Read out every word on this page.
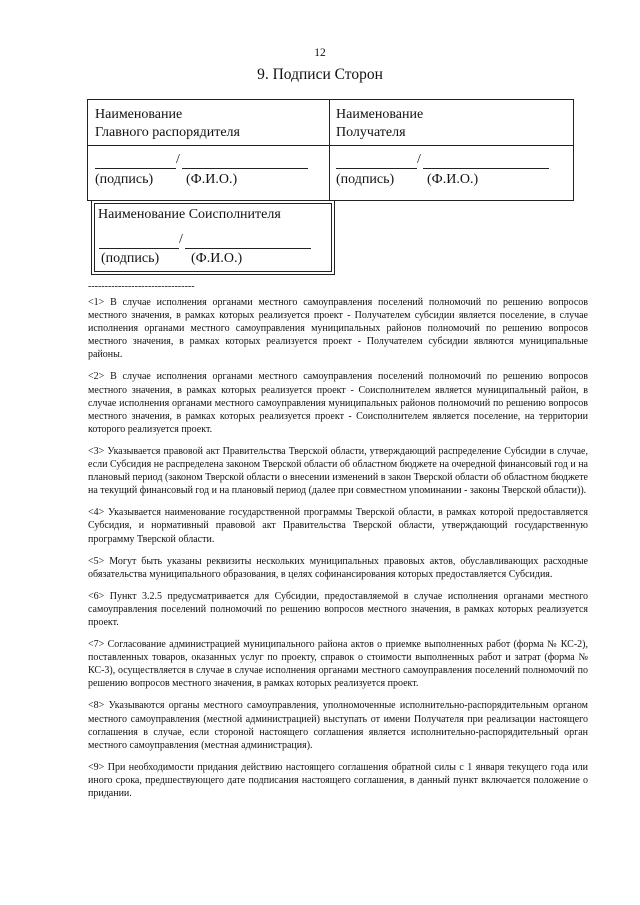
12
9. Подписи Сторон
Наименование
Главного распорядителя
Наименование
Получателя
/
(подпись) (Ф.И.О.)
/
(подпись) (Ф.И.О.)
Наименование Соисполнителя
/
(подпись) (Ф.И.О.)
--------------------------------

<1> В случае исполнения органами местного самоуправления поселений полномочий по решению вопросов местного значения, в рамках которых реализуется проект - Получателем субсидии является поселение, в случае исполнения органами местного самоуправления муниципальных районов полномочий по решению вопросов местного значения, в рамках которых реализуется проект - Получателем субсидии являются муниципальные районы.

<2> В случае исполнения органами местного самоуправления поселений полномочий по решению вопросов местного значения, в рамках которых реализуется проект - Соисполнителем является муниципальный район, в случае исполнения органами местного самоуправления муниципальных районов полномочий по решению вопросов местного значения, в рамках которых реализуется проект - Соисполнителем является поселение, на территории которого реализуется проект.

<3> Указывается правовой акт Правительства Тверской области, утверждающий распределение Субсидии в случае, если Субсидия не распределена законом Тверской области об областном бюджете на очередной финансовый год и на плановый период (законом Тверской области о внесении изменений в закон Тверской области об областном бюджете на текущий финансовый год и на плановый период (далее при совместном упоминании - законы Тверской области)).

<4> Указывается наименование государственной программы Тверской области, в рамках которой предоставляется Субсидия, и нормативный правовой акт Правительства Тверской области, утверждающий государственную программу Тверской области.

<5> Могут быть указаны реквизиты нескольких муниципальных правовых актов, обуславливающих расходные обязательства муниципального образования, в целях софинансирования которых предоставляется Субсидия.

<6> Пункт 3.2.5 предусматривается для Субсидии, предоставляемой в случае исполнения органами местного самоуправления поселений полномочий по решению вопросов местного значения, в рамках которых реализуется проект.

<7> Согласование администрацией муниципального района актов о приемке выполненных работ (форма № КС-2), поставленных товаров, оказанных услуг по проекту, справок о стоимости выполненных работ и затрат (форма № КС-3), осуществляется в случае в случае исполнения органами местного самоуправления поселений полномочий по решению вопросов местного значения, в рамках которых реализуется проект.

<8> Указываются органы местного самоуправления, уполномоченные исполнительно-распорядительным органом местного самоуправления (местной администрацией) выступать от имени Получателя при реализации настоящего соглашения в случае, если стороной настоящего соглашения является исполнительно-распорядительный орган местного самоуправления (местная администрация).

<9> При необходимости придания действию настоящего соглашения обратной силы с 1 января текущего года или иного срока, предшествующего дате подписания настоящего соглашения, в данный пункт включается положение о придании.
